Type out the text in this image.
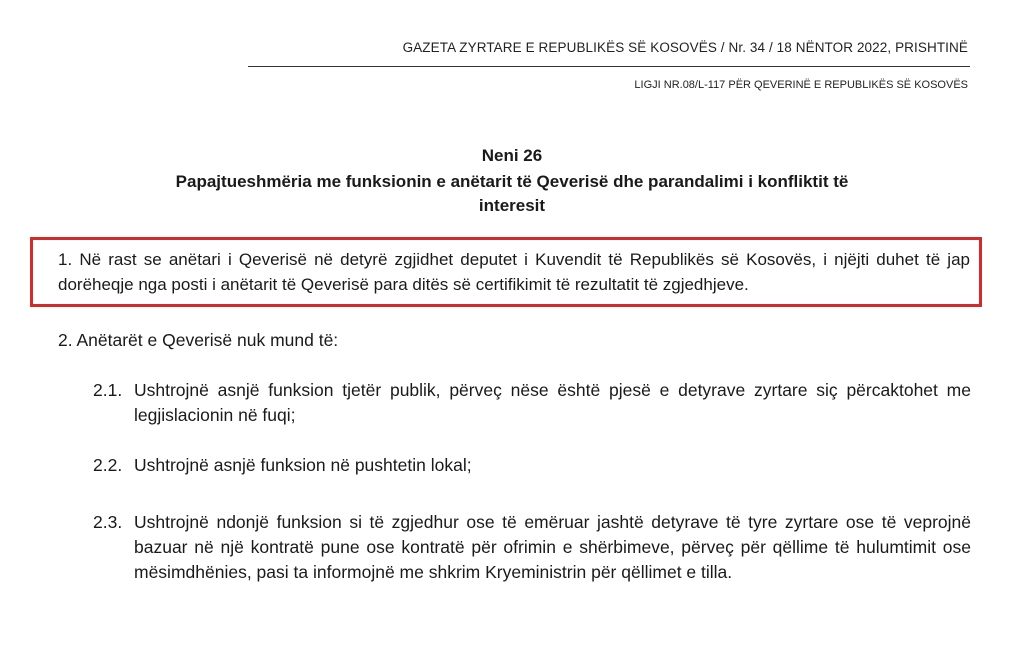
GAZETA ZYRTARE E REPUBLIKËS SË KOSOVËS / Nr. 34 / 18 NËNTOR 2022, PRISHTINË
LIGJI NR.08/L-117 PËR QEVERINË E REPUBLIKËS SË KOSOVËS
Neni 26
Papajtueshmëria me funksionin e anëtarit të Qeverisë dhe parandalimi i konfliktit të interesit

1. Në rast se anëtari i Qeverisë në detyrë zgjidhet deputet i Kuvendit të Republikës së Kosovës, i njëjti duhet të jap dorëheqje nga posti i anëtarit të Qeverisë para ditës së certifikimit të rezultatit të zgjedhjeve.

2. Anëtarët e Qeverisë nuk mund të:

2.1. Ushtrojnë asnjë funksion tjetër publik, përveç nëse është pjesë e detyrave zyrtare siç përcaktohet me legjislacionin në fuqi;
2.2. Ushtrojnë asnjë funksion në pushtetin lokal;
2.3. Ushtrojnë ndonjë funksion si të zgjedhur ose të emëruar jashtë detyrave të tyre zyrtare ose të veprojnë bazuar në një kontratë pune ose kontratë për ofrimin e shërbimeve, përveç për qëllime të hulumtimit ose mësimdhënies, pasi ta informojnë me shkrim Kryeministrin për qëllimet e tilla.
